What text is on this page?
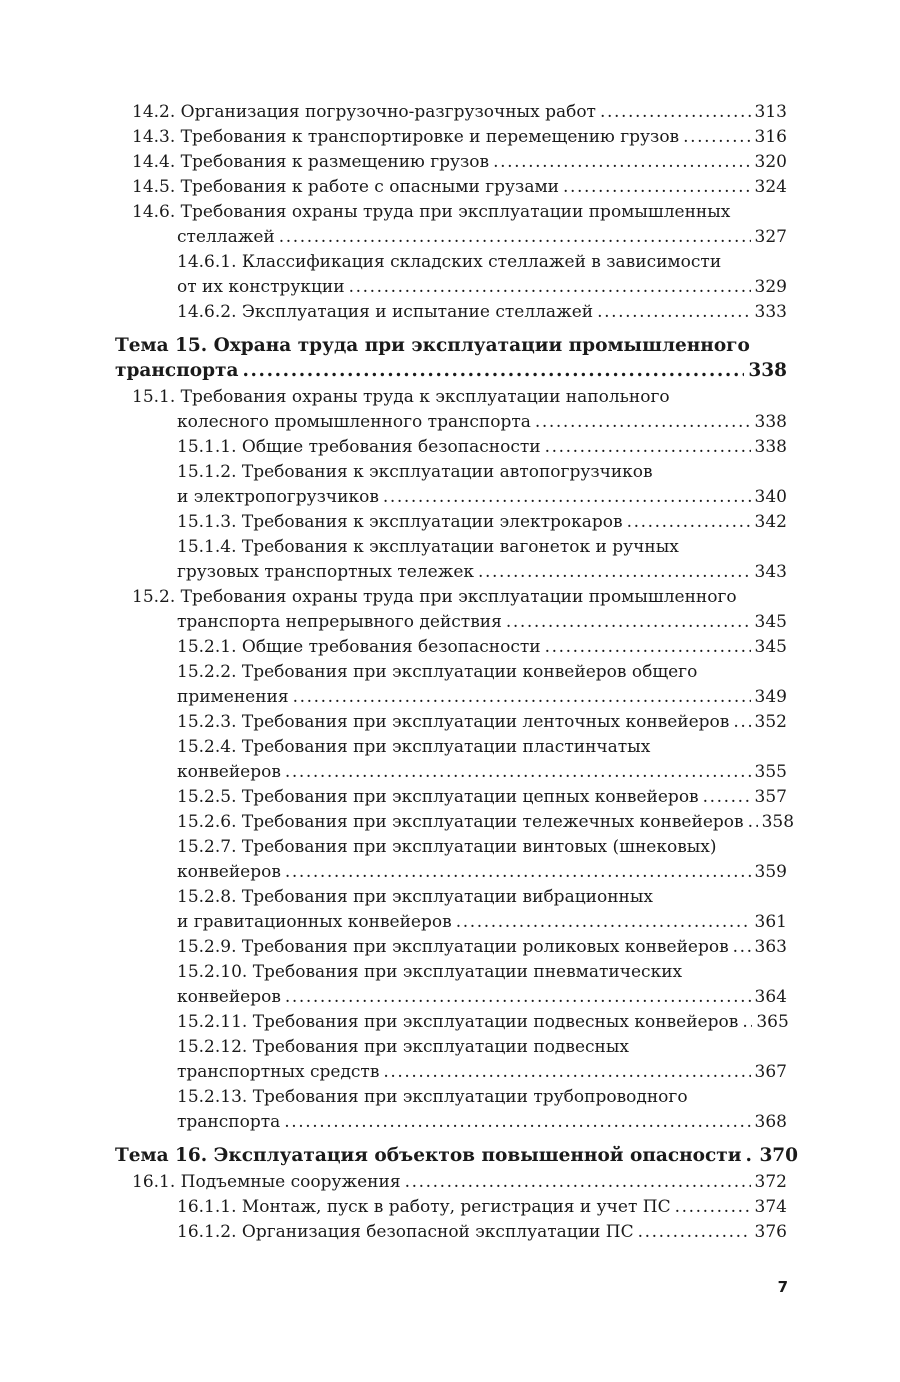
14.2. Организация погрузочно-разгрузочных работ .....	313
14.3. Требования к транспортировке и перемещению грузов .....	316
14.4. Требования к размещению грузов .....	320
14.5. Требования к работе с опасными грузами .....	324
14.6. Требования охраны труда при эксплуатации промышленных
стеллажей .....	327
14.6.1. Классификация складских стеллажей в зависимости
от их конструкции .....	329
14.6.2. Эксплуатация и испытание стеллажей .....	333
Тема 15. Охрана труда при эксплуатации промышленного
транспорта .....	338
15.1. Требования охраны труда к эксплуатации напольного
колесного промышленного транспорта .....	338
15.1.1. Общие требования безопасности .....	338
15.1.2. Требования к эксплуатации автопогрузчиков
и электропогрузчиков .....	340
15.1.3. Требования к эксплуатации электрокаров .....	342
15.1.4. Требования к эксплуатации вагонеток и ручных
грузовых транспортных тележек .....	343
15.2. Требования охраны труда при эксплуатации промышленного
транспорта непрерывного действия .....	345
15.2.1. Общие требования безопасности .....	345
15.2.2. Требования при эксплуатации конвейеров общего
применения .....	349
15.2.3. Требования при эксплуатации ленточных конвейеров ..... 352
15.2.4. Требования при эксплуатации пластинчатых
конвейеров .....	355
15.2.5. Требования при эксплуатации цепных конвейеров .....	357
15.2.6. Требования при эксплуатации тележечных конвейеров ..... 358
15.2.7. Требования при эксплуатации винтовых (шнековых)
конвейеров .....	359
15.2.8. Требования при эксплуатации вибрационных
и гравитационных конвейеров .....	361
15.2.9. Требования при эксплуатации роликовых конвейеров ..... 363
15.2.10. Требования при эксплуатации пневматических
конвейеров .....	364
15.2.11. Требования при эксплуатации подвесных конвейеров ..... 365
15.2.12. Требования при эксплуатации подвесных
транспортных средств .....	367
15.2.13. Требования при эксплуатации трубопроводного
транспорта .....	368
Тема 16. Эксплуатация объектов повышенной опасности ..... 370
16.1. Подъемные сооружения .....	372
16.1.1. Монтаж, пуск в работу, регистрация и учет ПС .....	374
16.1.2. Организация безопасной эксплуатации ПС .....	376
7
